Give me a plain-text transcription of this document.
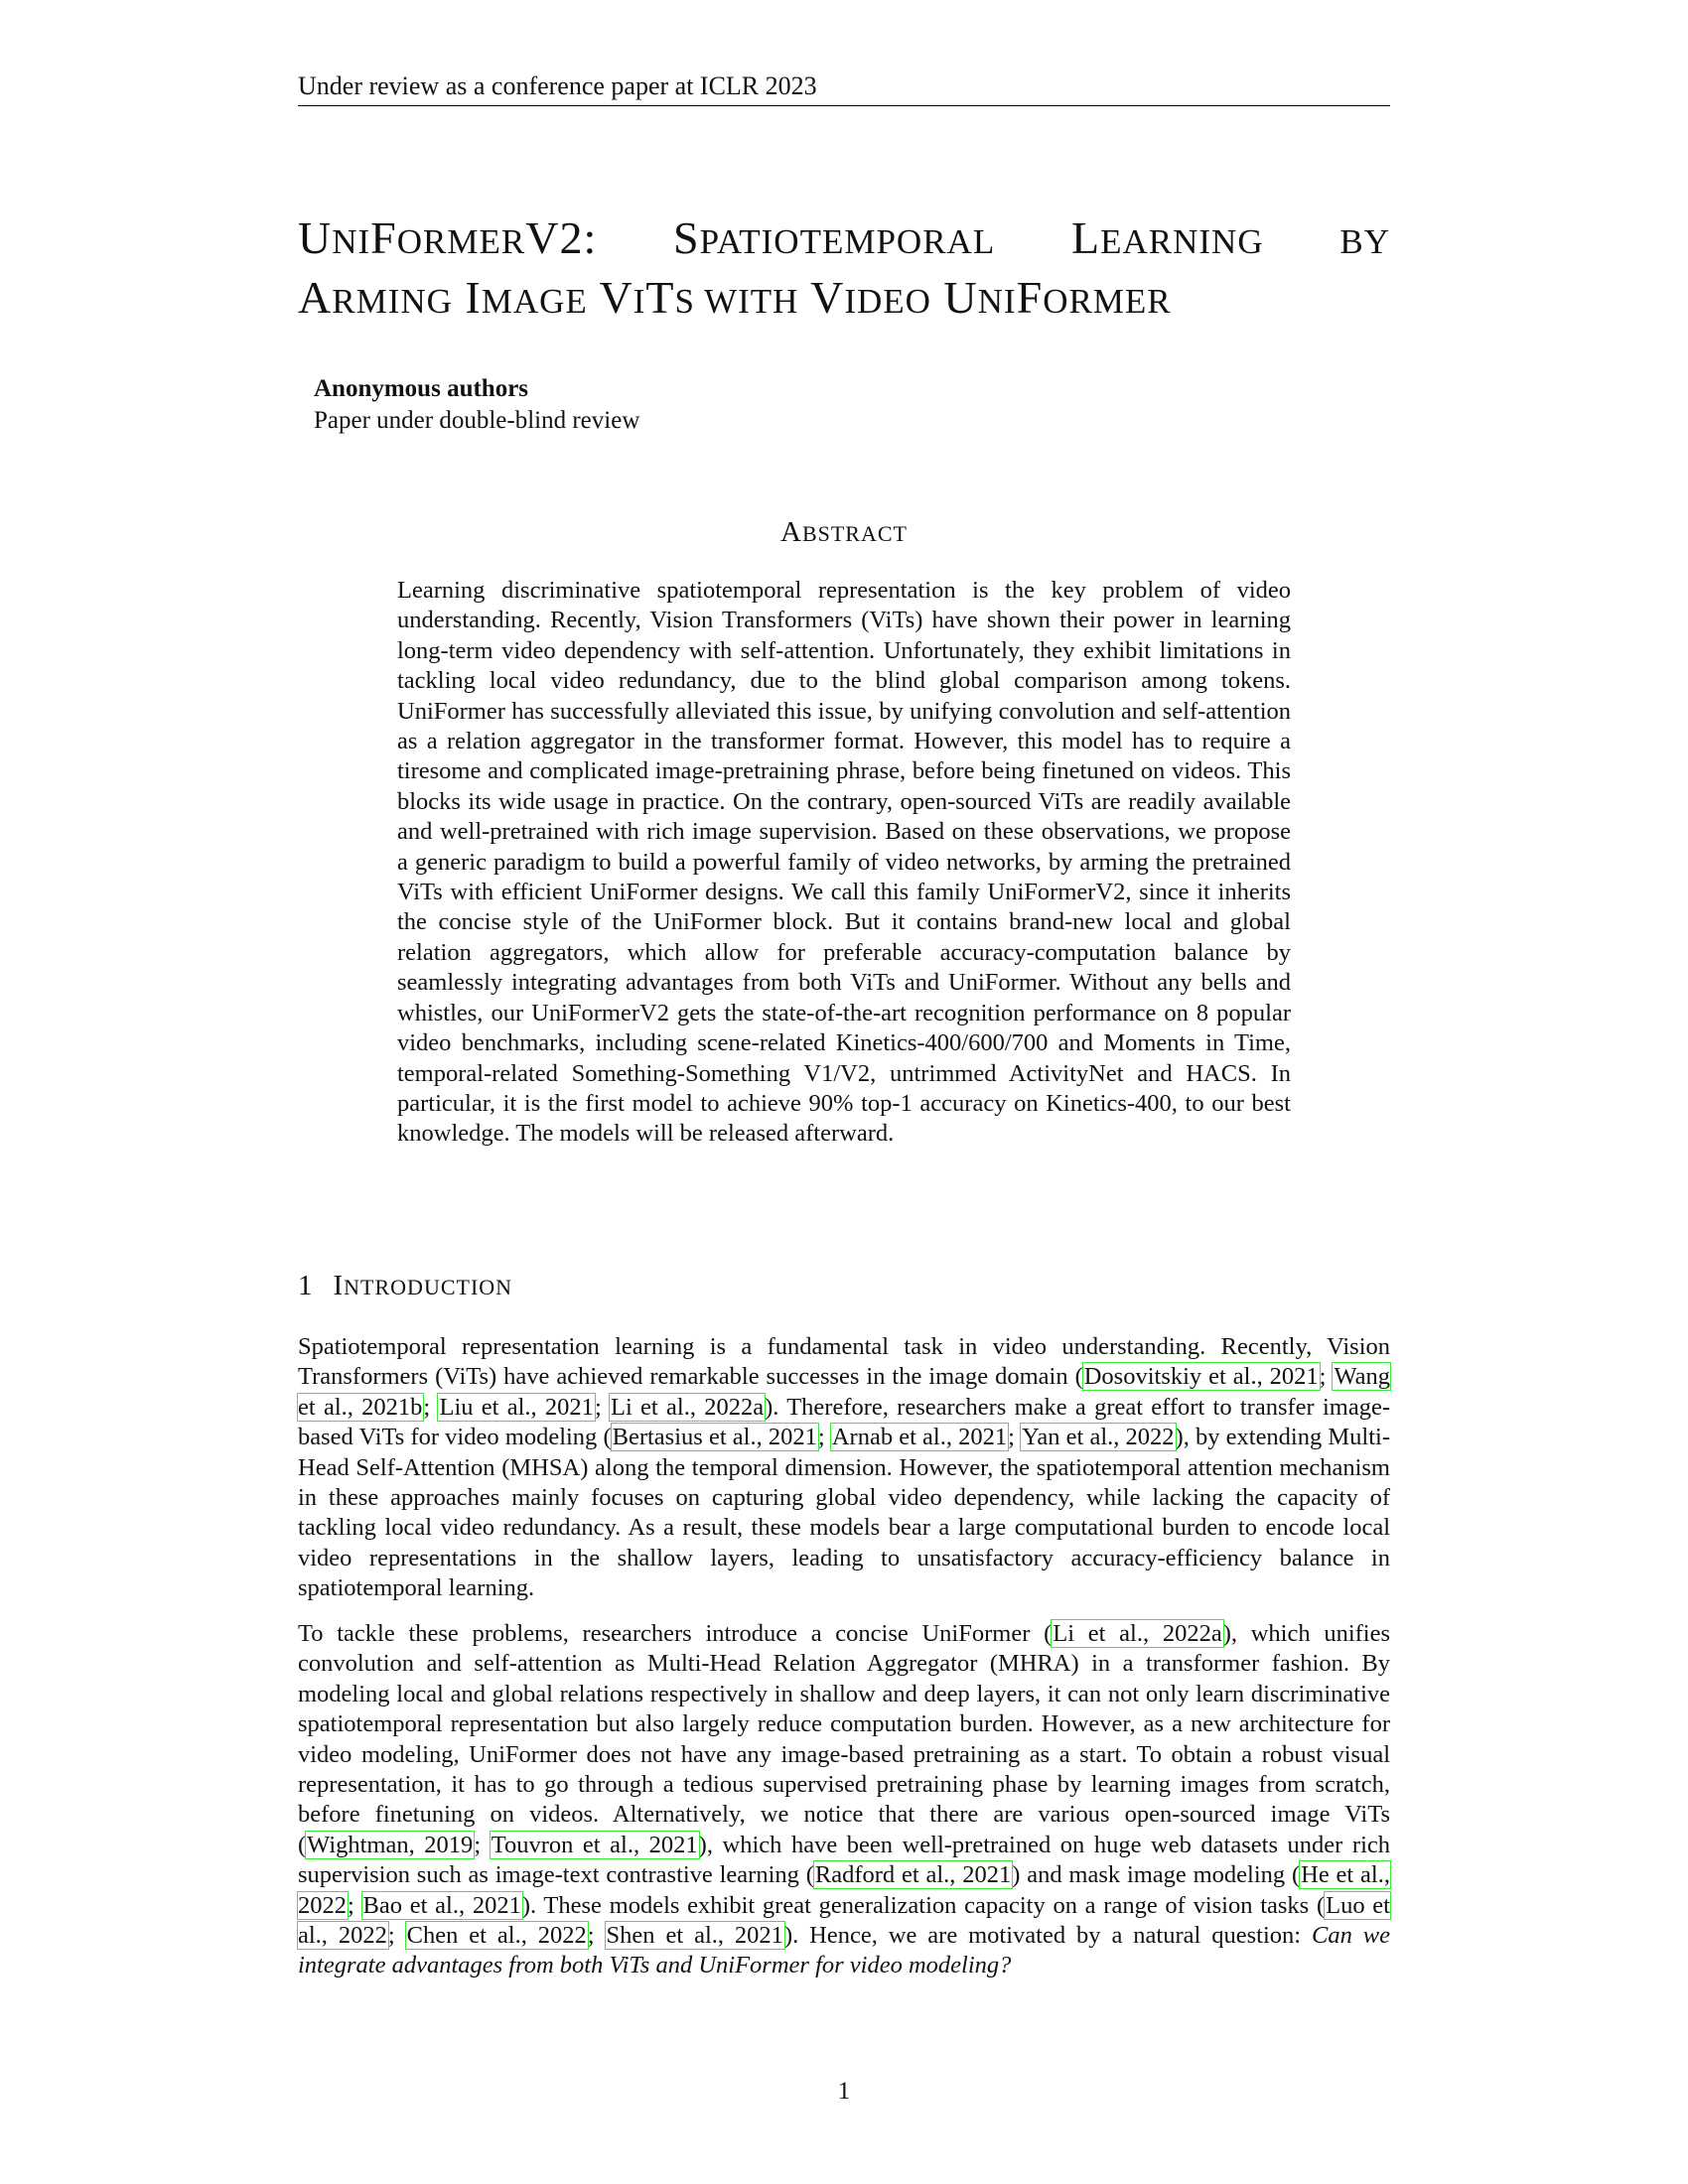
Under review as a conference paper at ICLR 2023
UNIFORMERV2: SPATIOTEMPORAL LEARNING BY
ARMING IMAGE VITS WITH VIDEO UNIFORMER
Anonymous authors
Paper under double-blind review
ABSTRACT

Learning discriminative spatiotemporal representation is the key problem of video understanding. Recently, Vision Transformers (ViTs) have shown their power in learning long-term video dependency with self-attention. Unfortunately, they exhibit limitations in tackling local video redundancy, due to the blind global comparison among tokens. UniFormer has successfully alleviated this issue, by unifying convolution and self-attention as a relation aggregator in the transformer format. However, this model has to require a tiresome and complicated image-pretraining phrase, before being finetuned on videos. This blocks its wide usage in practice. On the contrary, open-sourced ViTs are readily available and well-pretrained with rich image supervision. Based on these observations, we propose a generic paradigm to build a powerful family of video networks, by arming the pretrained ViTs with efficient UniFormer designs. We call this family UniFormerV2, since it inherits the concise style of the UniFormer block. But it contains brand-new local and global relation aggregators, which allow for preferable accuracy-computation balance by seamlessly integrating advantages from both ViTs and UniFormer. Without any bells and whistles, our UniFormerV2 gets the state-of-the-art recognition performance on 8 popular video benchmarks, including scene-related Kinetics-400/600/700 and Moments in Time, temporal-related Something-Something V1/V2, untrimmed ActivityNet and HACS. In particular, it is the first model to achieve 90% top-1 accuracy on Kinetics-400, to our best knowledge. The models will be released afterward.

1 INTRODUCTION

Spatiotemporal representation learning is a fundamental task in video understanding. Recently, Vision Transformers (ViTs) have achieved remarkable successes in the image domain (Dosovitskiy et al., 2021; Wang et al., 2021b; Liu et al., 2021; Li et al., 2022a). Therefore, researchers make a great effort to transfer image-based ViTs for video modeling (Bertasius et al., 2021; Arnab et al., 2021; Yan et al., 2022), by extending Multi-Head Self-Attention (MHSA) along the temporal dimension. However, the spatiotemporal attention mechanism in these approaches mainly focuses on capturing global video dependency, while lacking the capacity of tackling local video redundancy. As a result, these models bear a large computational burden to encode local video representations in the shallow layers, leading to unsatisfactory accuracy-efficiency balance in spatiotemporal learning.

To tackle these problems, researchers introduce a concise UniFormer (Li et al., 2022a), which unifies convolution and self-attention as Multi-Head Relation Aggregator (MHRA) in a transformer fashion. By modeling local and global relations respectively in shallow and deep layers, it can not only learn discriminative spatiotemporal representation but also largely reduce computation burden. However, as a new architecture for video modeling, UniFormer does not have any image-based pretraining as a start. To obtain a robust visual representation, it has to go through a tedious supervised pretraining phase by learning images from scratch, before finetuning on videos. Alternatively, we notice that there are various open-sourced image ViTs (Wightman, 2019; Touvron et al., 2021), which have been well-pretrained on huge web datasets under rich supervision such as image-text contrastive learning (Radford et al., 2021) and mask image modeling (He et al., 2022; Bao et al., 2021). These models exhibit great generalization capacity on a range of vision tasks (Luo et al., 2022; Chen et al., 2022; Shen et al., 2021). Hence, we are motivated by a natural question: Can we integrate advantages from both ViTs and UniFormer for video modeling?

1
